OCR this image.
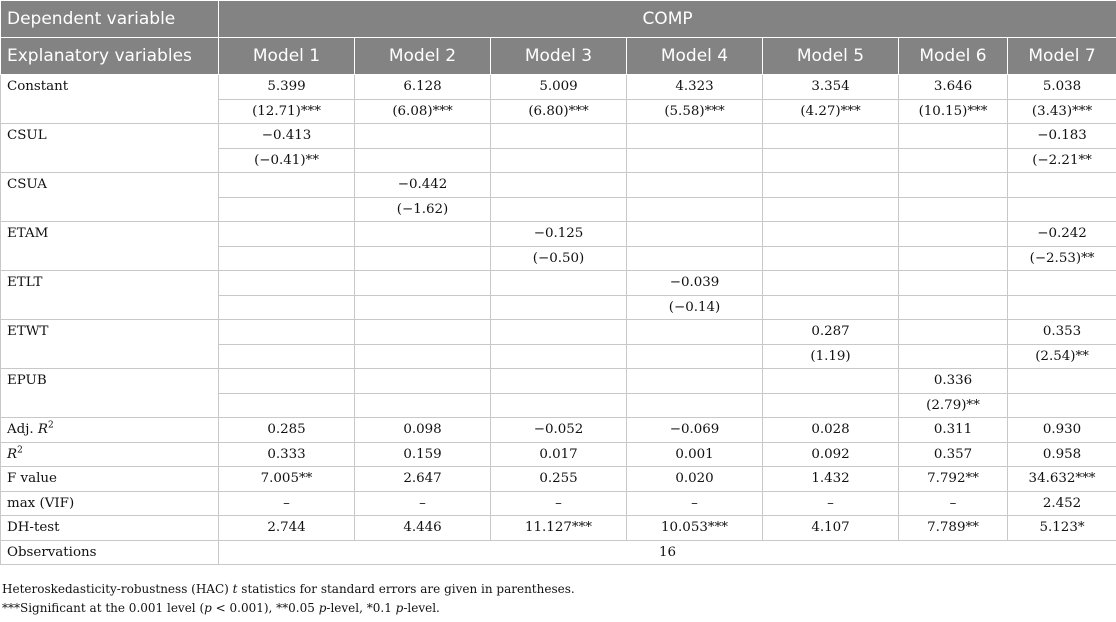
Dependent variable	COMP						
Explanatory variables	Model 1	Model 2	Model 3	Model 4	Model 5	Model 6	Model 7
Constant	5.399	6.128	5.009	4.323	3.354	3.646	5.038
	(12.71)***	(6.08)***	(6.80)***	(5.58)***	(4.27)***	(10.15)***	(3.43)***
CSUL	−0.413						−0.183
	(−0.41)**						(−2.21**
CSUA		−0.442					
		(−1.62)					
ETAM			−0.125				−0.242
			(−0.50)				(−2.53)**
ETLT				−0.039			
				(−0.14)			
ETWT					0.287		0.353
					(1.19)		(2.54)**
EPUB						0.336	
						(2.79)**	
Adj. $R^2$	0.285	0.098	−0.052	−0.069	0.028	0.311	0.930
$R^2$	0.333	0.159	0.017	0.001	0.092	0.357	0.958
F value	7.005**	2.647	0.255	0.020	1.432	7.792**	34.632***
max (VIF)	–	–	–	–	–	–	2.452
DH-test	2.744	4.446	11.127***	10.053***	4.107	7.789**	5.123*
Observations	16						

Heteroskedasticity-robustness (HAC) t statistics for standard errors are given in parentheses.

***Significant at the 0.001 level (p < 0.001), **0.05 p-level, *0.1 p-level.
